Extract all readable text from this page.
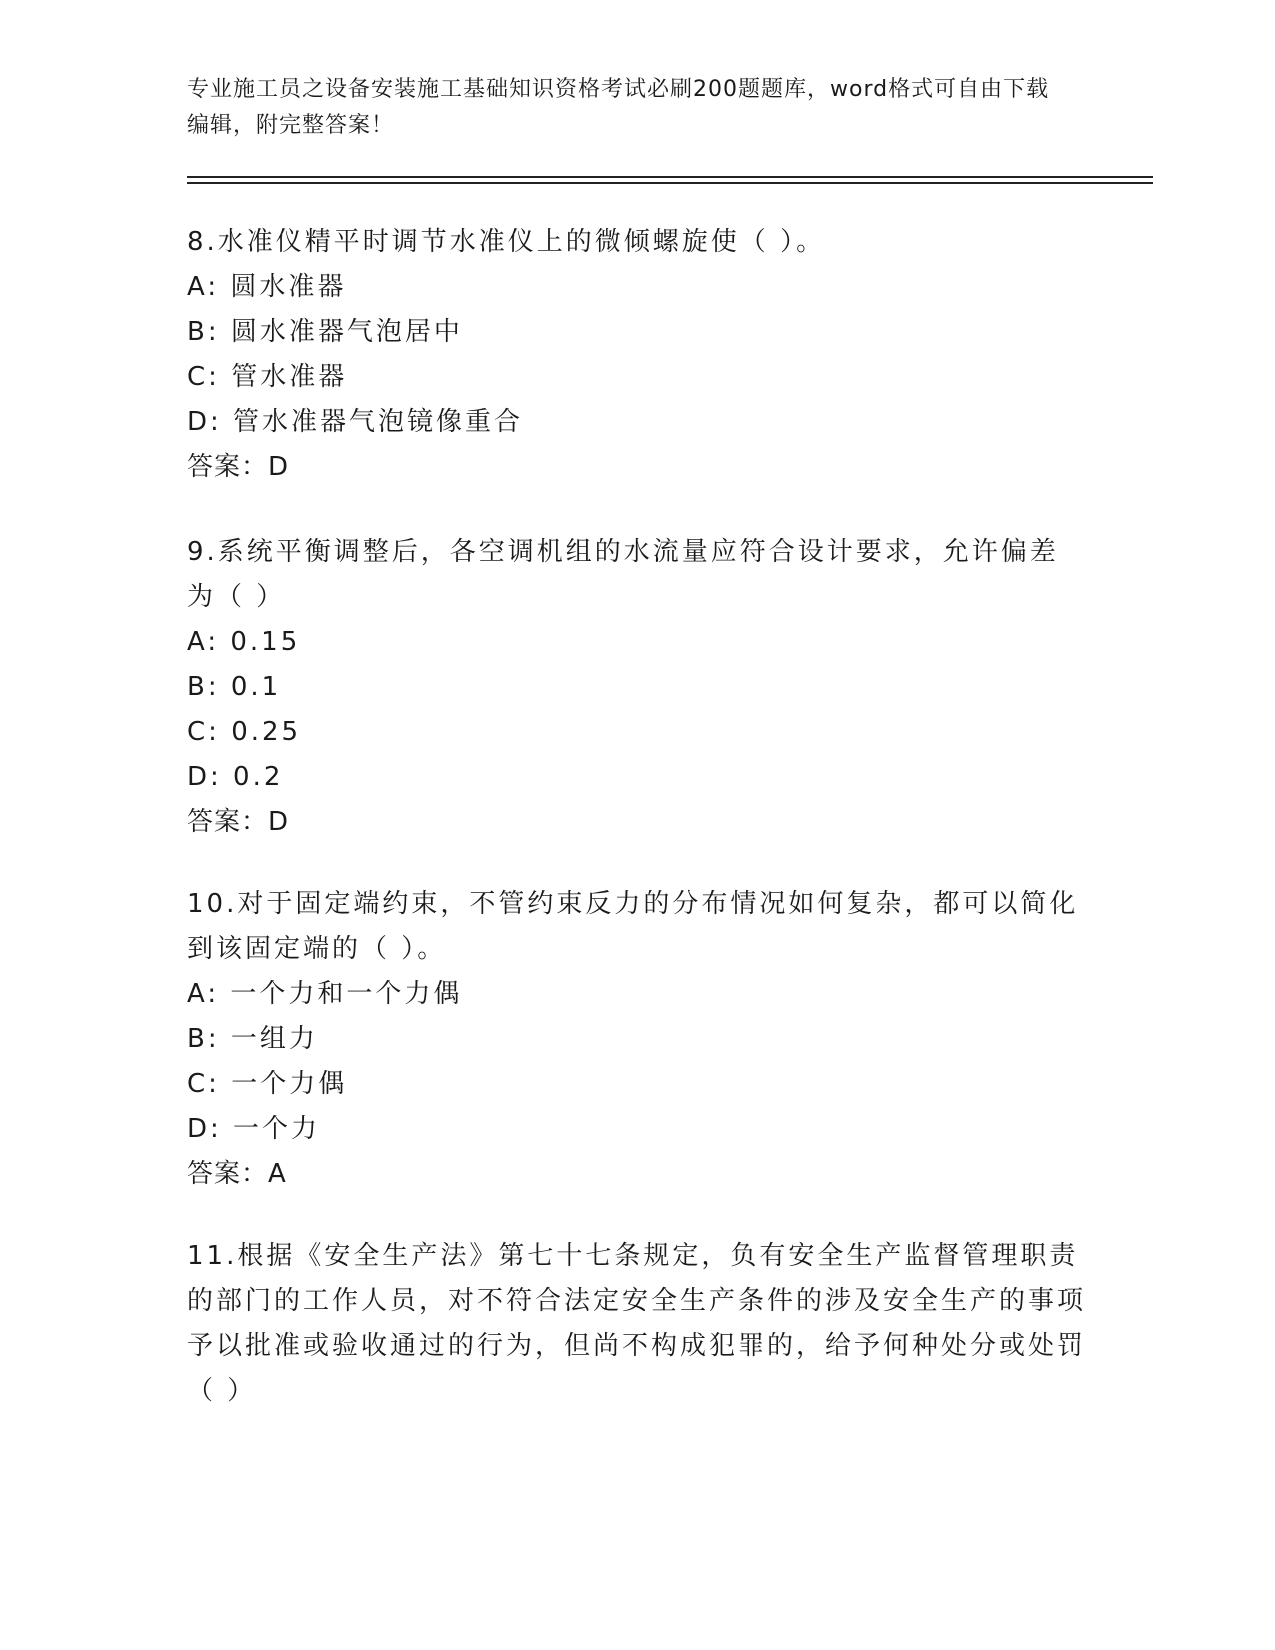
专业施工员之设备安装施工基础知识资格考试必刷200题题库，word格式可自由下载编辑，附完整答案！
8.水准仪精平时调节水准仪上的微倾螺旋使（ ）。
A: 圆水准器
B: 圆水准器气泡居中
C: 管水准器
D: 管水准器气泡镜像重合
答案：D
9.系统平衡调整后，各空调机组的水流量应符合设计要求，允许偏差为（ ）
A: 0.15
B: 0.1
C: 0.25
D: 0.2
答案：D
10.对于固定端约束，不管约束反力的分布情况如何复杂，都可以简化到该固定端的（ ）。
A: 一个力和一个力偶
B: 一组力
C: 一个力偶
D: 一个力
答案：A
11.根据《安全生产法》第七十七条规定，负有安全生产监督管理职责的部门的工作人员，对不符合法定安全生产条件的涉及安全生产的事项予以批准或验收通过的行为，但尚不构成犯罪的，给予何种处分或处罚（ ）
